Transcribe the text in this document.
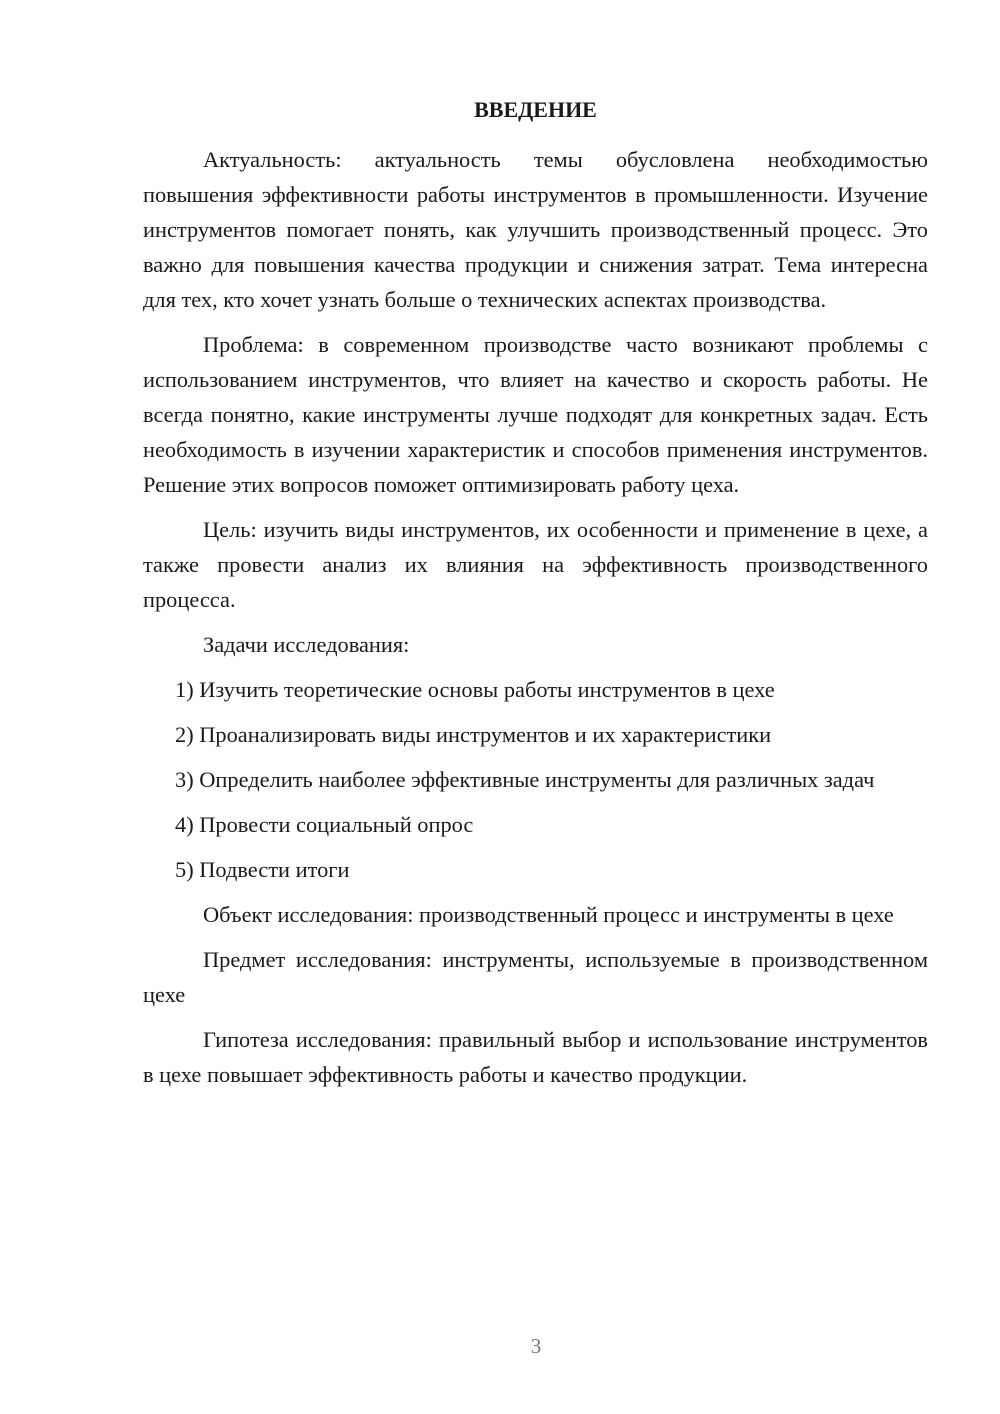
ВВЕДЕНИЕ

Актуальность: актуальность темы обусловлена необходимостью повышения эффективности работы инструментов в промышленности. Изучение инструментов помогает понять, как улучшить производственный процесс. Это важно для повышения качества продукции и снижения затрат. Тема интересна для тех, кто хочет узнать больше о технических аспектах производства.

Проблема: в современном производстве часто возникают проблемы с использованием инструментов, что влияет на качество и скорость работы. Не всегда понятно, какие инструменты лучше подходят для конкретных задач. Есть необходимость в изучении характеристик и способов применения инструментов. Решение этих вопросов поможет оптимизировать работу цеха.

Цель: изучить виды инструментов, их особенности и применение в цехе, а также провести анализ их влияния на эффективность производственного процесса.

Задачи исследования:

1) Изучить теоретические основы работы инструментов в цехе

2) Проанализировать виды инструментов и их характеристики

3) Определить наиболее эффективные инструменты для различных задач

4) Провести социальный опрос

5) Подвести итоги

Объект исследования: производственный процесс и инструменты в цехе

Предмет исследования: инструменты, используемые в производственном цехе

Гипотеза исследования: правильный выбор и использование инструментов в цехе повышает эффективность работы и качество продукции.

3
